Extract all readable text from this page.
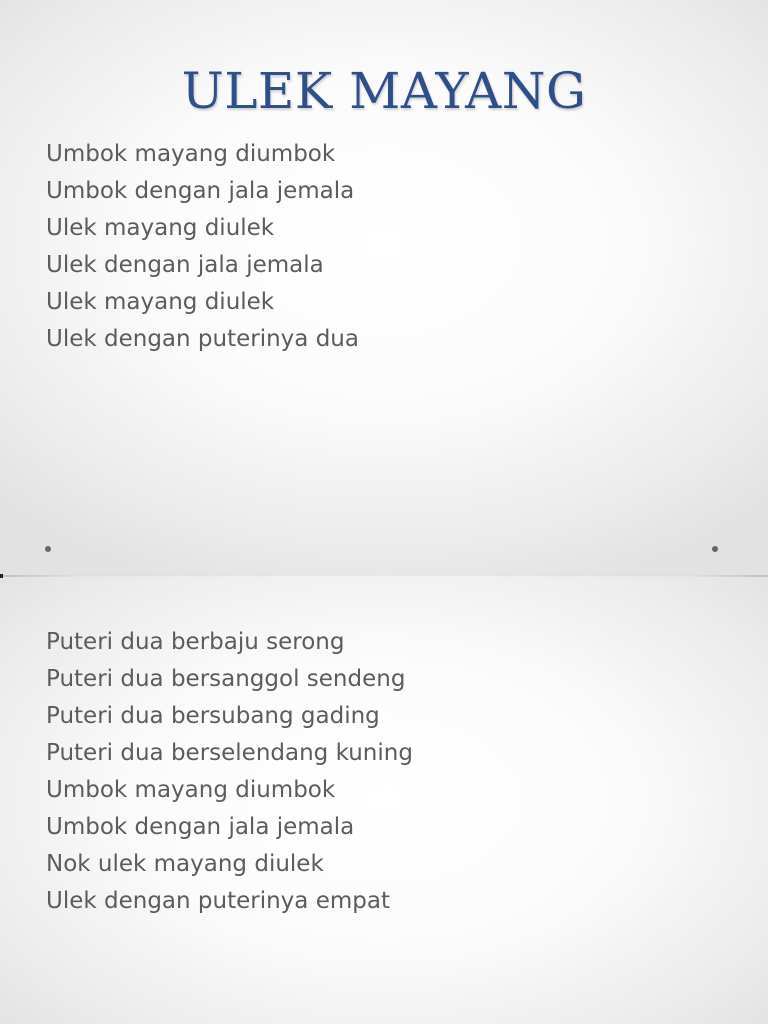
ULEK MAYANG
Umbok mayang diumbok
Umbok dengan jala jemala
Ulek mayang diulek
Ulek dengan jala jemala
Ulek mayang diulek
Ulek dengan puterinya dua
Puteri dua berbaju serong
Puteri dua bersanggol sendeng
Puteri dua bersubang gading
Puteri dua berselendang kuning
Umbok mayang diumbok
Umbok dengan jala jemala
Nok ulek mayang diulek
Ulek dengan puterinya empat
